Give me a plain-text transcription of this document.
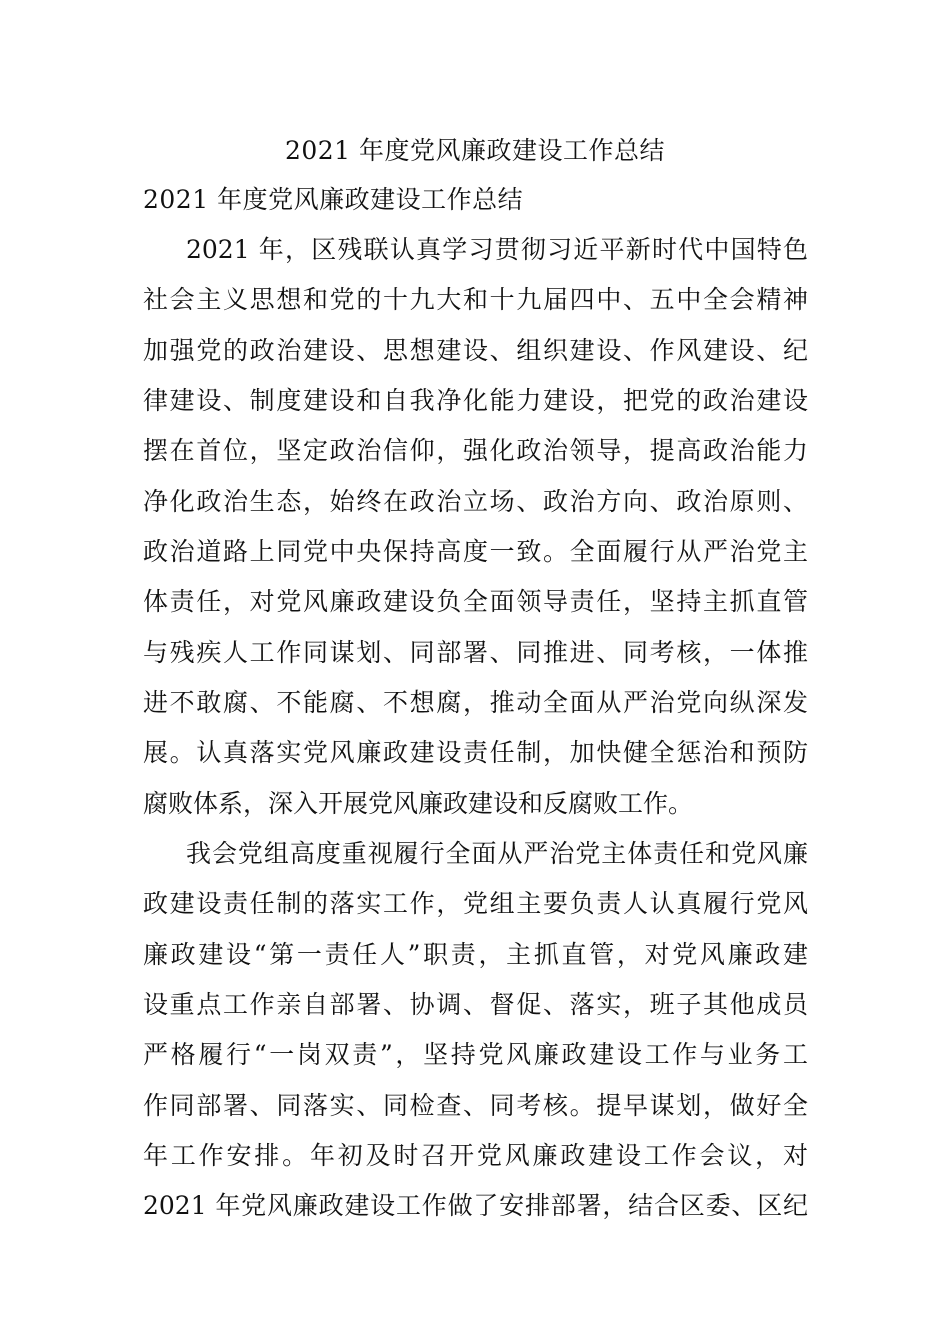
2021 年度党风廉政建设工作总结
2021 年度党风廉政建设工作总结
2021 年，区残联认真学习贯彻习近平新时代中国特色
社会主义思想和党的十九大和十九届四中、五中全会精神
加强党的政治建设、思想建设、组织建设、作风建设、纪
律建设、制度建设和自我净化能力建设，把党的政治建设
摆在首位，坚定政治信仰，强化政治领导，提高政治能力
净化政治生态，始终在政治立场、政治方向、政治原则、
政治道路上同党中央保持高度一致。全面履行从严治党主
体责任，对党风廉政建设负全面领导责任，坚持主抓直管
与残疾人工作同谋划、同部署、同推进、同考核，一体推
进不敢腐、不能腐、不想腐，推动全面从严治党向纵深发
展。认真落实党风廉政建设责任制，加快健全惩治和预防
腐败体系，深入开展党风廉政建设和反腐败工作。
我会党组高度重视履行全面从严治党主体责任和党风廉
政建设责任制的落实工作，党组主要负责人认真履行党风
廉政建设“第一责任人”职责，主抓直管，对党风廉政建
设重点工作亲自部署、协调、督促、落实，班子其他成员
严格履行“一岗双责”，坚持党风廉政建设工作与业务工
作同部署、同落实、同检查、同考核。提早谋划，做好全
年工作安排。年初及时召开党风廉政建设工作会议，对
2021 年党风廉政建设工作做了安排部署，结合区委、区纪
